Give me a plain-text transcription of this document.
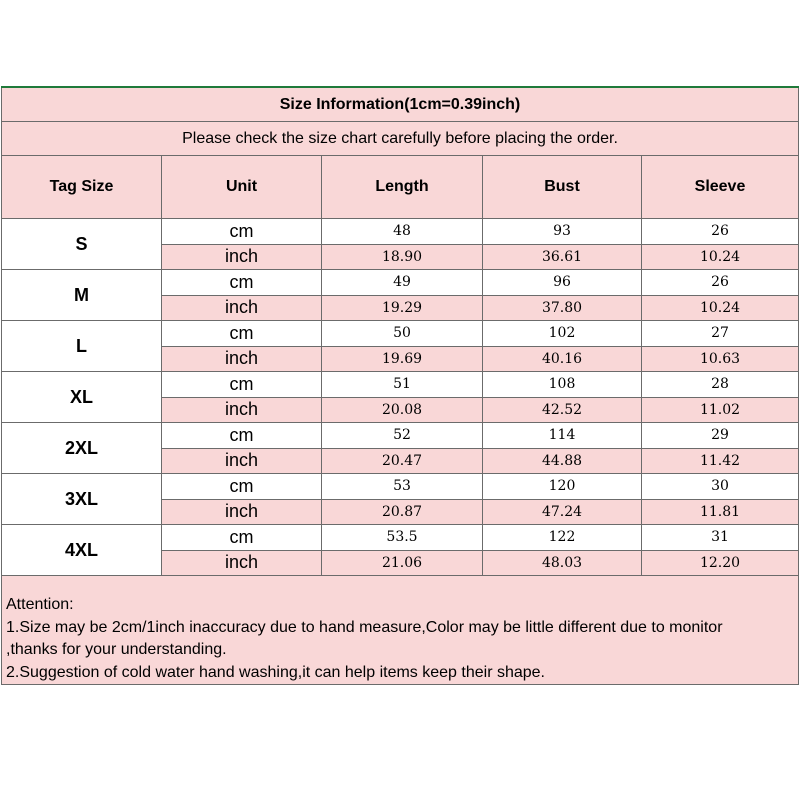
Size Information(1cm=0.39inch)
Please check the size chart carefully before placing the order.
Tag Size	Unit	Length	Bust	Sleeve
S
cm	48	93	26
inch	18.90	36.61	10.24
M
cm	49	96	26
inch	19.29	37.80	10.24
L
cm	50	102	27
inch	19.69	40.16	10.63
XL
cm	51	108	28
inch	20.08	42.52	11.02
2XL
cm	52	114	29
inch	20.47	44.88	11.42
3XL
cm	53	120	30
inch	20.87	47.24	11.81
4XL
cm	53.5	122	31
inch	21.06	48.03	12.20
Attention:
1.Size may be 2cm/1inch inaccuracy due to hand measure,Color may be little different due to monitor
,thanks for your understanding.
2.Suggestion of cold water hand washing,it can help items keep their shape.
